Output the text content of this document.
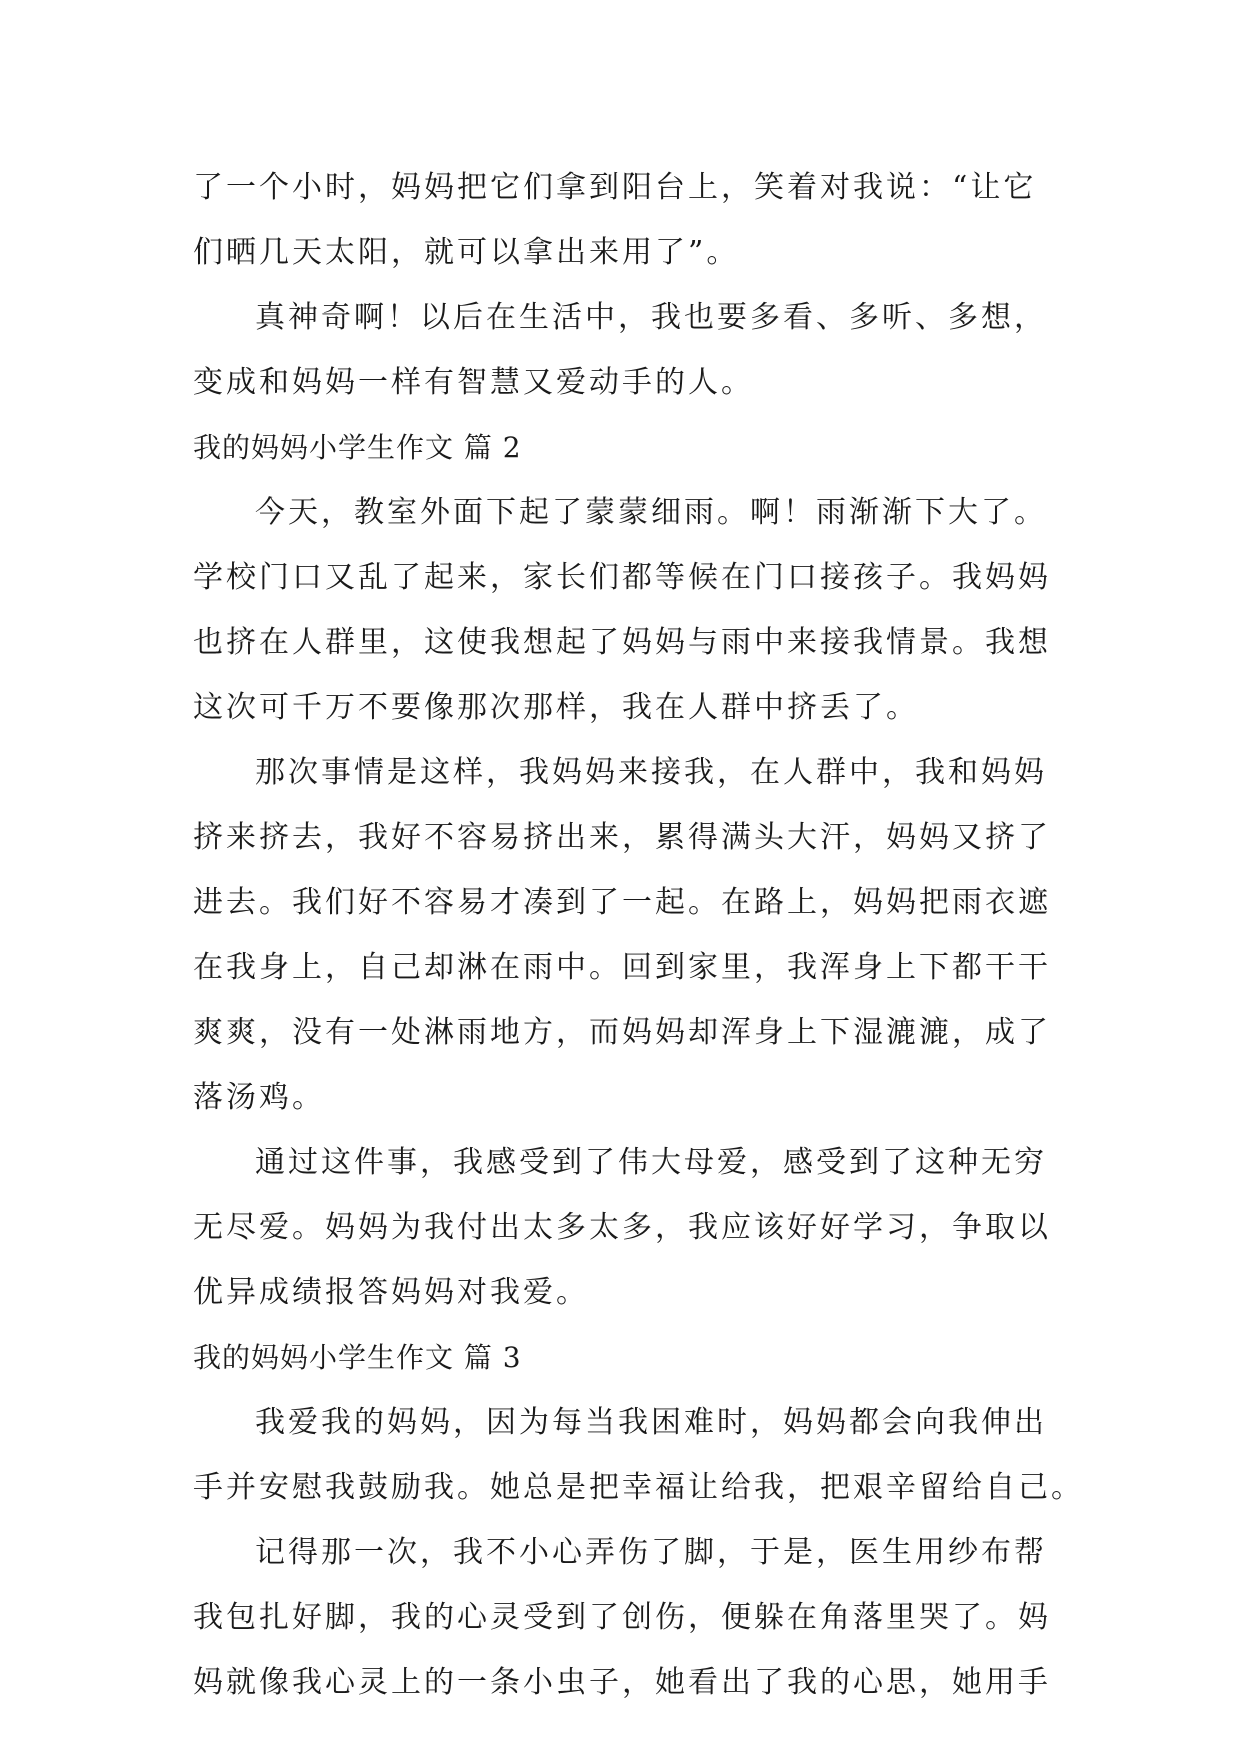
了一个小时，妈妈把它们拿到阳台上，笑着对我说：“让它
们晒几天太阳，就可以拿出来用了”。
真神奇啊！以后在生活中，我也要多看、多听、多想，
变成和妈妈一样有智慧又爱动手的人。
我的妈妈小学生作文 篇 2
今天，教室外面下起了蒙蒙细雨。啊！雨渐渐下大了。
学校门口又乱了起来，家长们都等候在门口接孩子。我妈妈
也挤在人群里，这使我想起了妈妈与雨中来接我情景。我想
这次可千万不要像那次那样，我在人群中挤丢了。
那次事情是这样，我妈妈来接我，在人群中，我和妈妈
挤来挤去，我好不容易挤出来，累得满头大汗，妈妈又挤了
进去。我们好不容易才凑到了一起。在路上，妈妈把雨衣遮
在我身上，自己却淋在雨中。回到家里，我浑身上下都干干
爽爽，没有一处淋雨地方，而妈妈却浑身上下湿漉漉，成了
落汤鸡。
通过这件事，我感受到了伟大母爱，感受到了这种无穷
无尽爱。妈妈为我付出太多太多，我应该好好学习，争取以
优异成绩报答妈妈对我爱。
我的妈妈小学生作文 篇 3
我爱我的妈妈，因为每当我困难时，妈妈都会向我伸出
手并安慰我鼓励我。她总是把幸福让给我，把艰辛留给自己。
记得那一次，我不小心弄伤了脚，于是，医生用纱布帮
我包扎好脚，我的心灵受到了创伤，便躲在角落里哭了。妈
妈就像我心灵上的一条小虫子，她看出了我的心思，她用手
